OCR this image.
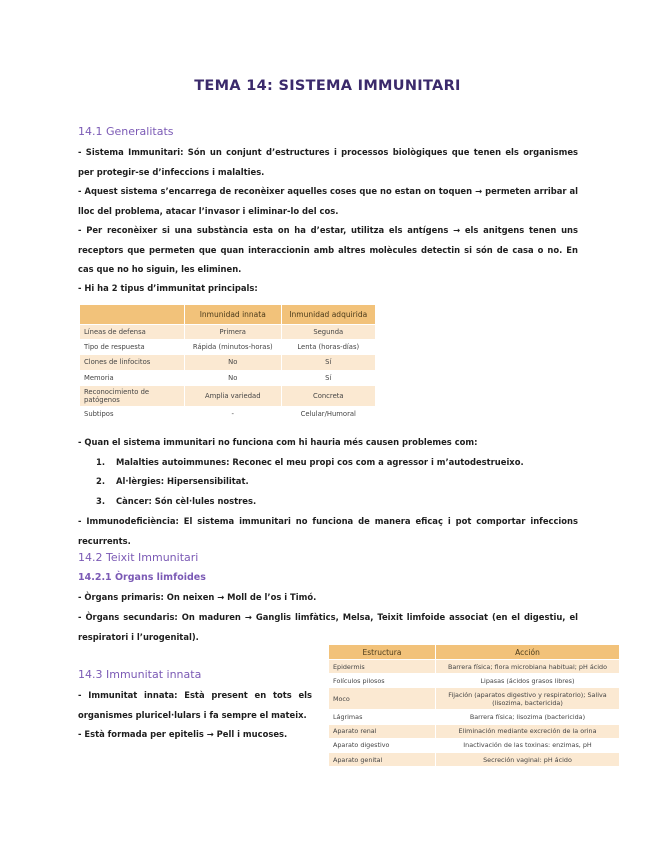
TEMA 14: SISTEMA IMMUNITARI
14.1 Generalitats

- Sistema Immunitari: Són un conjunt d’estructures i processos biològiques que tenen els organismes per protegir-se d’infeccions i malalties.

- Aquest sistema s’encarrega de reconèixer aquelles coses que no estan on toquen → permeten arribar al lloc del problema, atacar l’invasor i eliminar-lo del cos.

- Per reconèixer si una substància esta on ha d’estar, utilitza els antígens → els anitgens tenen uns receptors que permeten que quan interaccionin amb altres molècules detectin si són de casa o no. En cas que no ho siguin, les eliminen.

- Hi ha 2 tipus d’immunitat principals:

	Inmunidad innata	Inmunidad adquirida
Líneas de defensa	Primera	Segunda
Tipo de respuesta	Rápida (minutos-horas)	Lenta (horas-días)
Clones de linfocitos	No	Sí
Memoria	No	Sí
Reconocimiento de patógenos	Amplia variedad	Concreta
Subtipos	-	Celular/Humoral

- Quan el sistema immunitari no funciona com hi hauria més causen problemes com:

1. Malalties autoimmunes: Reconec el meu propi cos com a agressor i m’autodestrueixo.
2. Al·lèrgies: Hipersensibilitat.
3. Càncer: Són cèl·lules nostres.

- Immunodeficiència: El sistema immunitari no funciona de manera eficaç i pot comportar infeccions recurrents.

14.2 Teixit Immunitari
14.2.1 Òrgans limfoides

- Òrgans primaris: On neixen → Moll de l’os i Timó.

- Òrgans secundaris: On maduren → Ganglis limfàtics, Melsa, Teixit limfoide associat (en el digestiu, el respiratori i l’urogenital).

14.3 Immunitat innata

- Immunitat innata: Està present en tots els organismes pluricel·lulars i fa sempre el mateix.

- Està formada per epitelis → Pell i mucoses.

Estructura	Acción
Epidermis	Barrera física; flora microbiana habitual; pH ácido
Folículos pilosos	Lipasas (ácidos grasos libres)
Moco	Fijación (aparatos digestivo y respiratorio); Saliva (lisozima, bactericida)
Lágrimas	Barrera física; lisozima (bactericida)
Aparato renal	Eliminación mediante excreción de la orina
Aparato digestivo	Inactivación de las toxinas: enzimas, pH
Aparato genital	Secreción vaginal: pH ácido
